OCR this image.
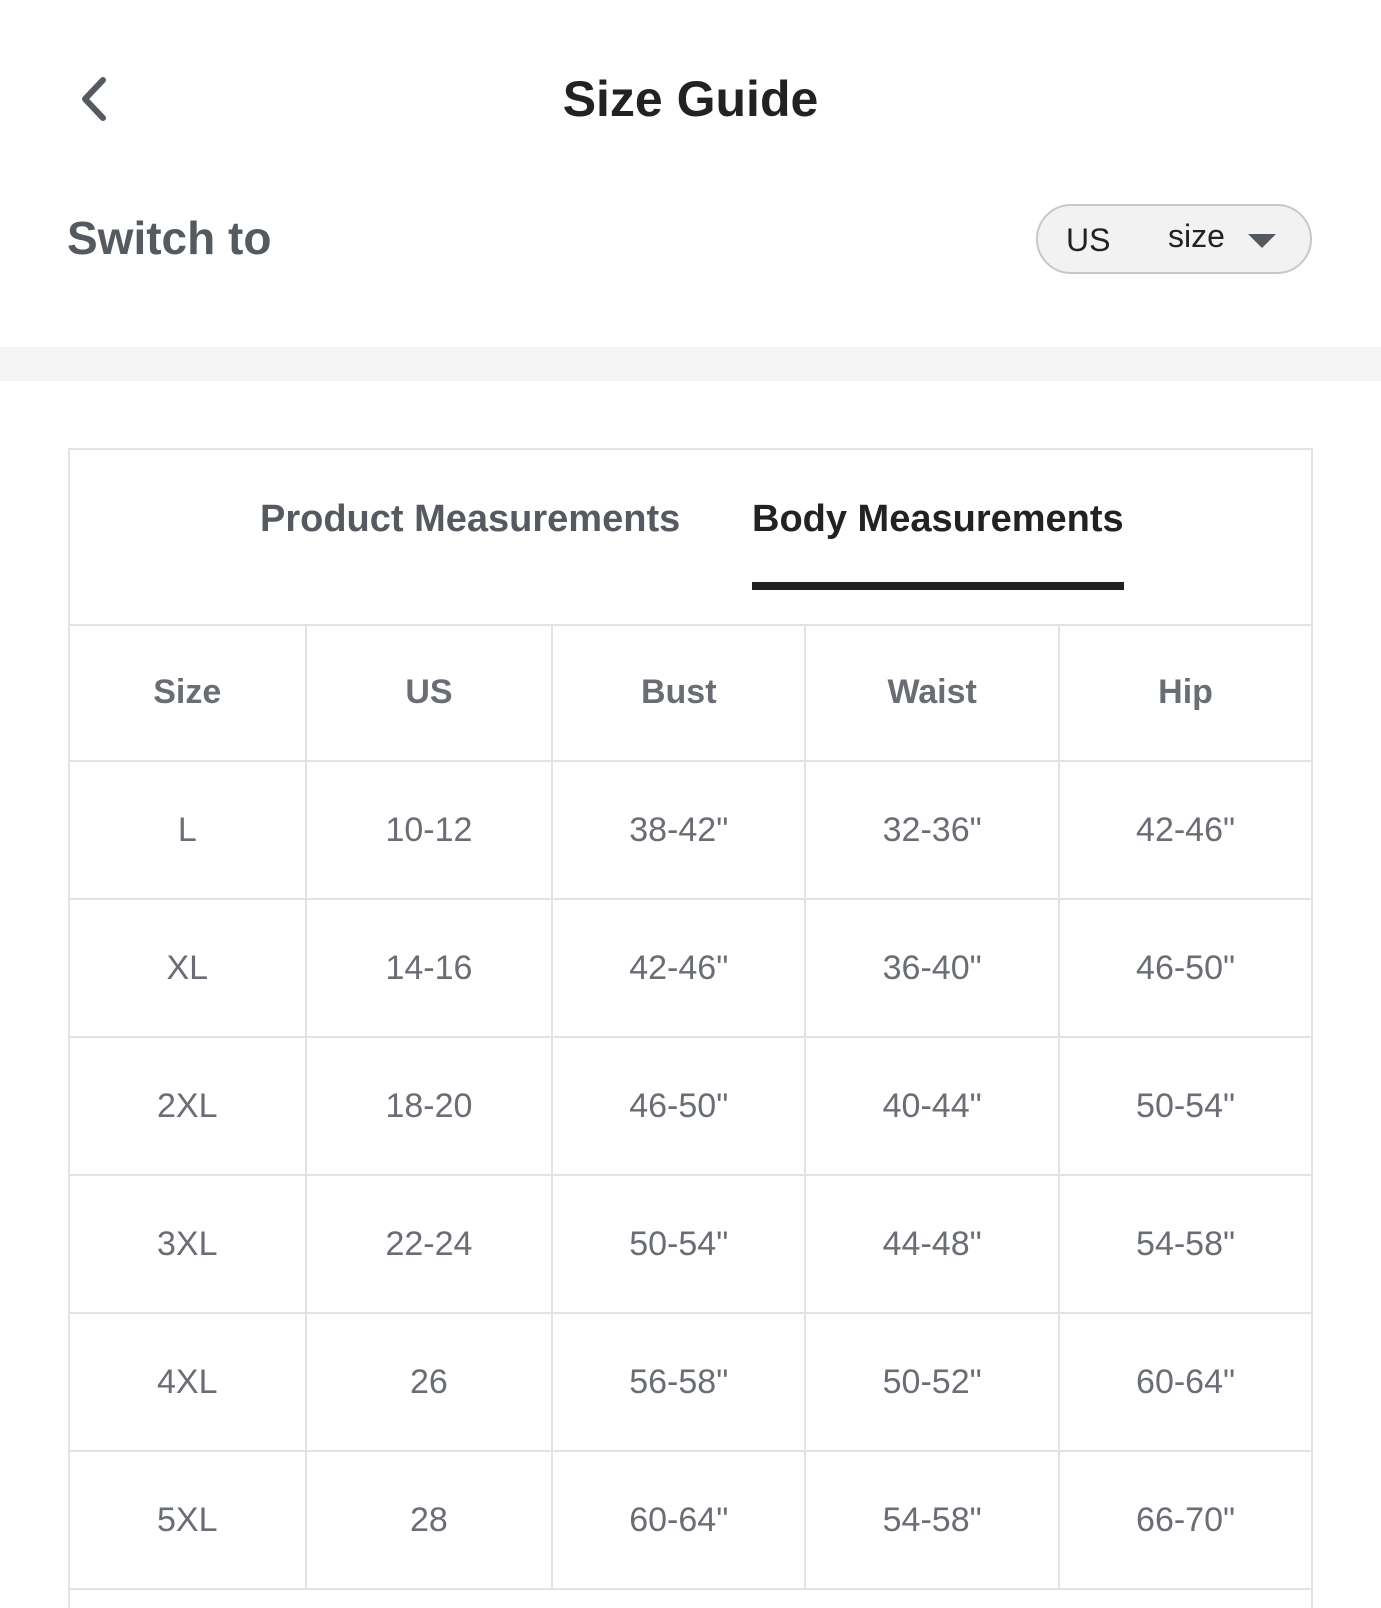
Size Guide
Switch to	US size
Product Measurements Body Measurements
Size	US	Bust	Waist	Hip
L	10-12	38-42"	32-36"	42-46"
XL	14-16	42-46"	36-40"	46-50"
2XL	18-20	46-50"	40-44"	50-54"
3XL	22-24	50-54"	44-48"	54-58"
4XL	26	56-58"	50-52"	60-64"
5XL	28	60-64"	54-58"	66-70"
